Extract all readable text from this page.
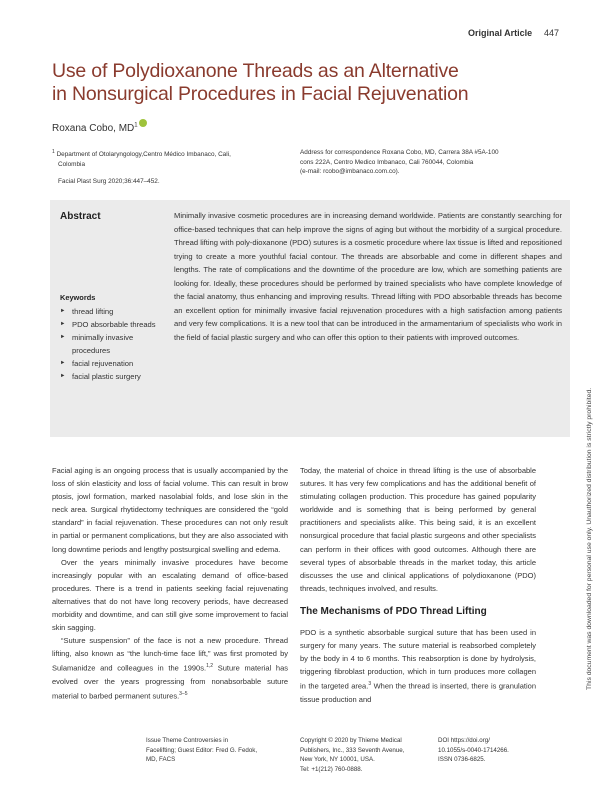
Original Article 447
Use of Polydioxanone Threads as an Alternative
in Nonsurgical Procedures in Facial Rejuvenation
Roxana Cobo, $MD^1$
$^1$ Department of Otolaryngology,Centro Médico Imbanaco, Cali,
Colombia
Address for correspondence Roxana Cobo, MD, Carrera 38A #5A-100
cons 222A, Centro Medico Imbanaco, Cali 760044, Colombia
(e-mail: rcobo@imbanaco.com.co).
Facial Plast Surg 2020;36:447–452.
Abstract	Minimally invasive cosmetic procedures are in increasing demand worldwide. Patients are constantly searching for office-based techniques that can help improve the signs of aging but without the morbidity of a surgical procedure. Thread lifting with poly-dioxanone (PDO) sutures is a cosmetic procedure where lax tissue is lifted and repositioned trying to create a more youthful facial contour. The threads are absorbable and come in different shapes and lengths. The rate of complications and the downtime of the procedure are low, which are something patients are looking for. Ideally, these procedures should be performed by trained specialists who have complete knowledge of the facial anatomy, thus enhancing and improving results. Thread lifting with PDO absorbable threads has become an excellent option for minimally invasive facial rejuvenation procedures with a high satisfaction among patients and very few complications. It is a new tool that can be introduced in the armamentarium of specialists who work in the field of facial plastic surgery and who can offer this option to their patients with improved outcomes.
Keywords
► thread lifting
► PDO absorbable threads
► minimally invasive procedures
► facial rejuvenation
► facial plastic surgery

Facial aging is an ongoing process that is usually accompanied by the loss of skin elasticity and loss of facial volume. This can result in brow ptosis, jowl formation, marked nasolabial folds, and lose skin in the neck area. Surgical rhytidectomy techniques are considered the “gold standard” in facial rejuvenation. These procedures can not only result in partial or permanent complications, but they are also associated with long downtime periods and lengthy postsurgical swelling and edema.

Over the years minimally invasive procedures have become increasingly popular with an escalating demand of office-based procedures. There is a trend in patients seeking facial rejuvenating alternatives that do not have long recovery periods, have decreased morbidity and downtime, and can still give some improvement to facial skin sagging.

“Suture suspension” of the face is not a new procedure. Thread lifting, also known as “the lunch-time face lift,” was first promoted by Sulamanidze and colleagues in the 1990s.$^{1,2}$ Suture material has evolved over the years progressing from nonabsorbable suture material to barbed permanent sutures.$^{3-5}$

Today, the material of choice in thread lifting is the use of absorbable sutures. It has very few complications and has the additional benefit of stimulating collagen production. This procedure has gained popularity worldwide and is something that is being performed by general practitioners and specialists alike. This being said, it is an excellent nonsurgical procedure that facial plastic surgeons and other specialists can perform in their offices with good outcomes. Although there are several types of absorbable threads in the market today, this article discusses the use and clinical applications of polydioxanone (PDO) threads, techniques involved, and results.

The Mechanisms of PDO Thread Lifting

PDO is a synthetic absorbable surgical suture that has been used in surgery for many years. The suture material is reabsorbed completely by the body in 4 to 6 months. This reabsorption is done by hydrolysis, triggering fibroblast production, which in turn produces more collagen in the targeted area.$^3$ When the thread is inserted, there is granulation tissue production and

Issue Theme Controversies in
Facelifting; Guest Editor: Fred G. Fedok,
MD, FACS
Copyright © 2020 by Thieme Medical
Publishers, Inc., 333 Seventh Avenue,
New York, NY 10001, USA.
Tel: +1(212) 760-0888.
DOI https://doi.org/
10.1055/s-0040-1714266.
ISSN 0736-6825.
This document was downloaded for personal use only. Unauthorized distribution is strictly prohibited.
